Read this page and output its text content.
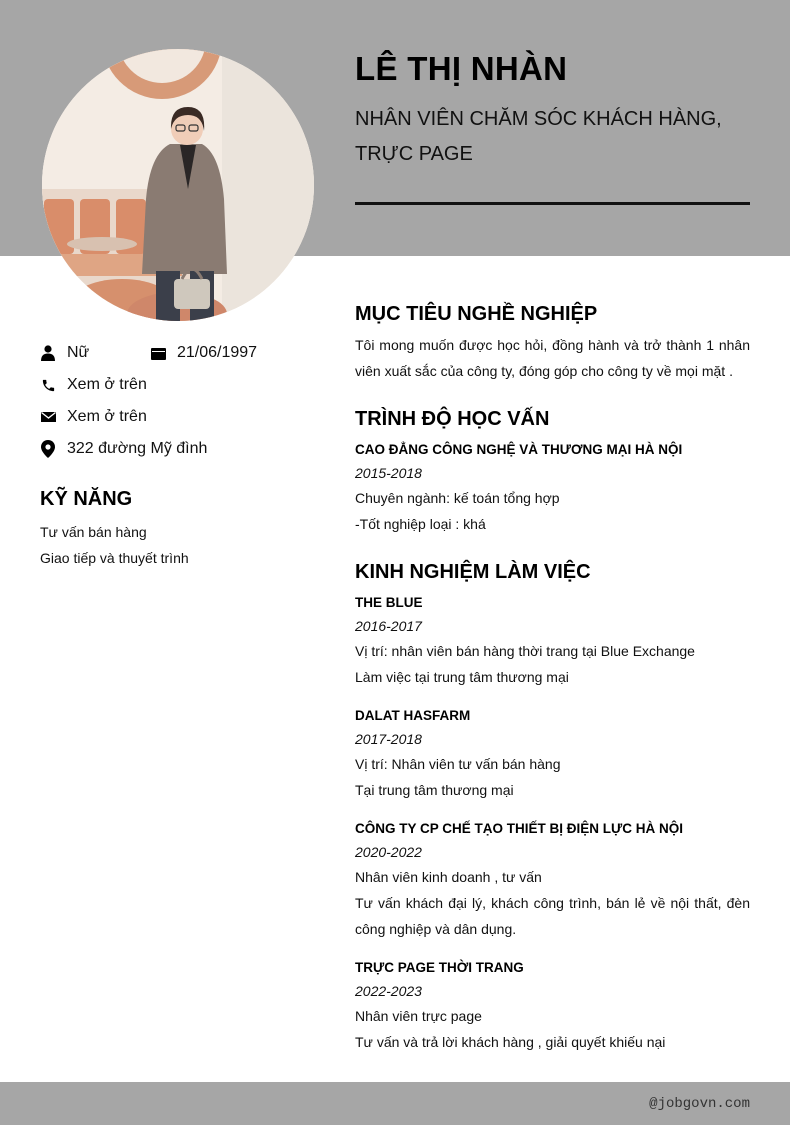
LÊ THỊ NHÀN
NHÂN VIÊN CHĂM SÓC KHÁCH HÀNG, TRỰC PAGE
Nữ	21/06/1997
Xem ở trên
Xem ở trên
322 đường Mỹ đình
KỸ NĂNG
Tư vấn bán hàng
Giao tiếp và thuyết trình
MỤC TIÊU NGHỀ NGHIỆP
Tôi mong muốn được học hỏi, đồng hành và trở thành 1 nhân viên xuất sắc của công ty, đóng góp cho công ty về mọi mặt .
TRÌNH ĐỘ HỌC VẤN
CAO ĐẲNG CÔNG NGHỆ VÀ THƯƠNG MẠI HÀ NỘI
2015-2018
Chuyên ngành: kế toán tổng hợp
-Tốt nghiệp loại : khá
KINH NGHIỆM LÀM VIỆC
THE BLUE
2016-2017
Vị trí: nhân viên bán hàng thời trang tại Blue Exchange
Làm việc tại trung tâm thương mại
DALAT HASFARM
2017-2018
Vị trí: Nhân viên tư vấn bán hàng
Tại trung tâm thương mại
CÔNG TY CP CHẾ TẠO THIẾT BỊ ĐIỆN LỰC HÀ NỘI
2020-2022
Nhân viên kinh doanh , tư vấn
Tư vấn khách đại lý, khách công trình, bán lẻ về nội thất, đèn công nghiệp và dân dụng.
TRỰC PAGE THỜI TRANG
2022-2023
Nhân viên trực page
Tư vấn và trả lời khách hàng , giải quyết khiếu nại
@jobgovn.com
